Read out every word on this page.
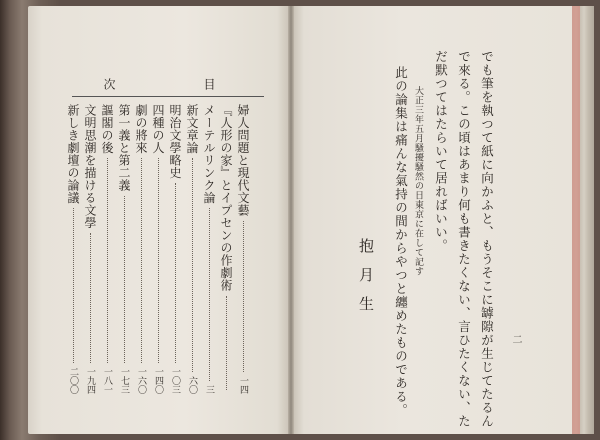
次	目
婦人問題と現代文藝
一四
『人形の家』とイプセンの作劇術
メーテルリンク論
三
新文章論
六〇
明治文學略史
一〇三
四種の人
一四〇
劇の將來
一六〇
第一義と第二義
一七三
謳閣の後
一八一
文明思潮を描ける文學
一九四
新しき劇壇の論議
二〇〇	でも筆を執つて紙に向かふと、もうそこに罅隙が生じてたるん
で來る。この頃はあまり何も書きたくない、言ひたくない、た
だ默つてはたらいて居ればいい。
大正三年五月騷擾騷然の日東京に在して記す
此の論集は痛んな氣持の間からやつと纏めたものである。
抱月生
二
